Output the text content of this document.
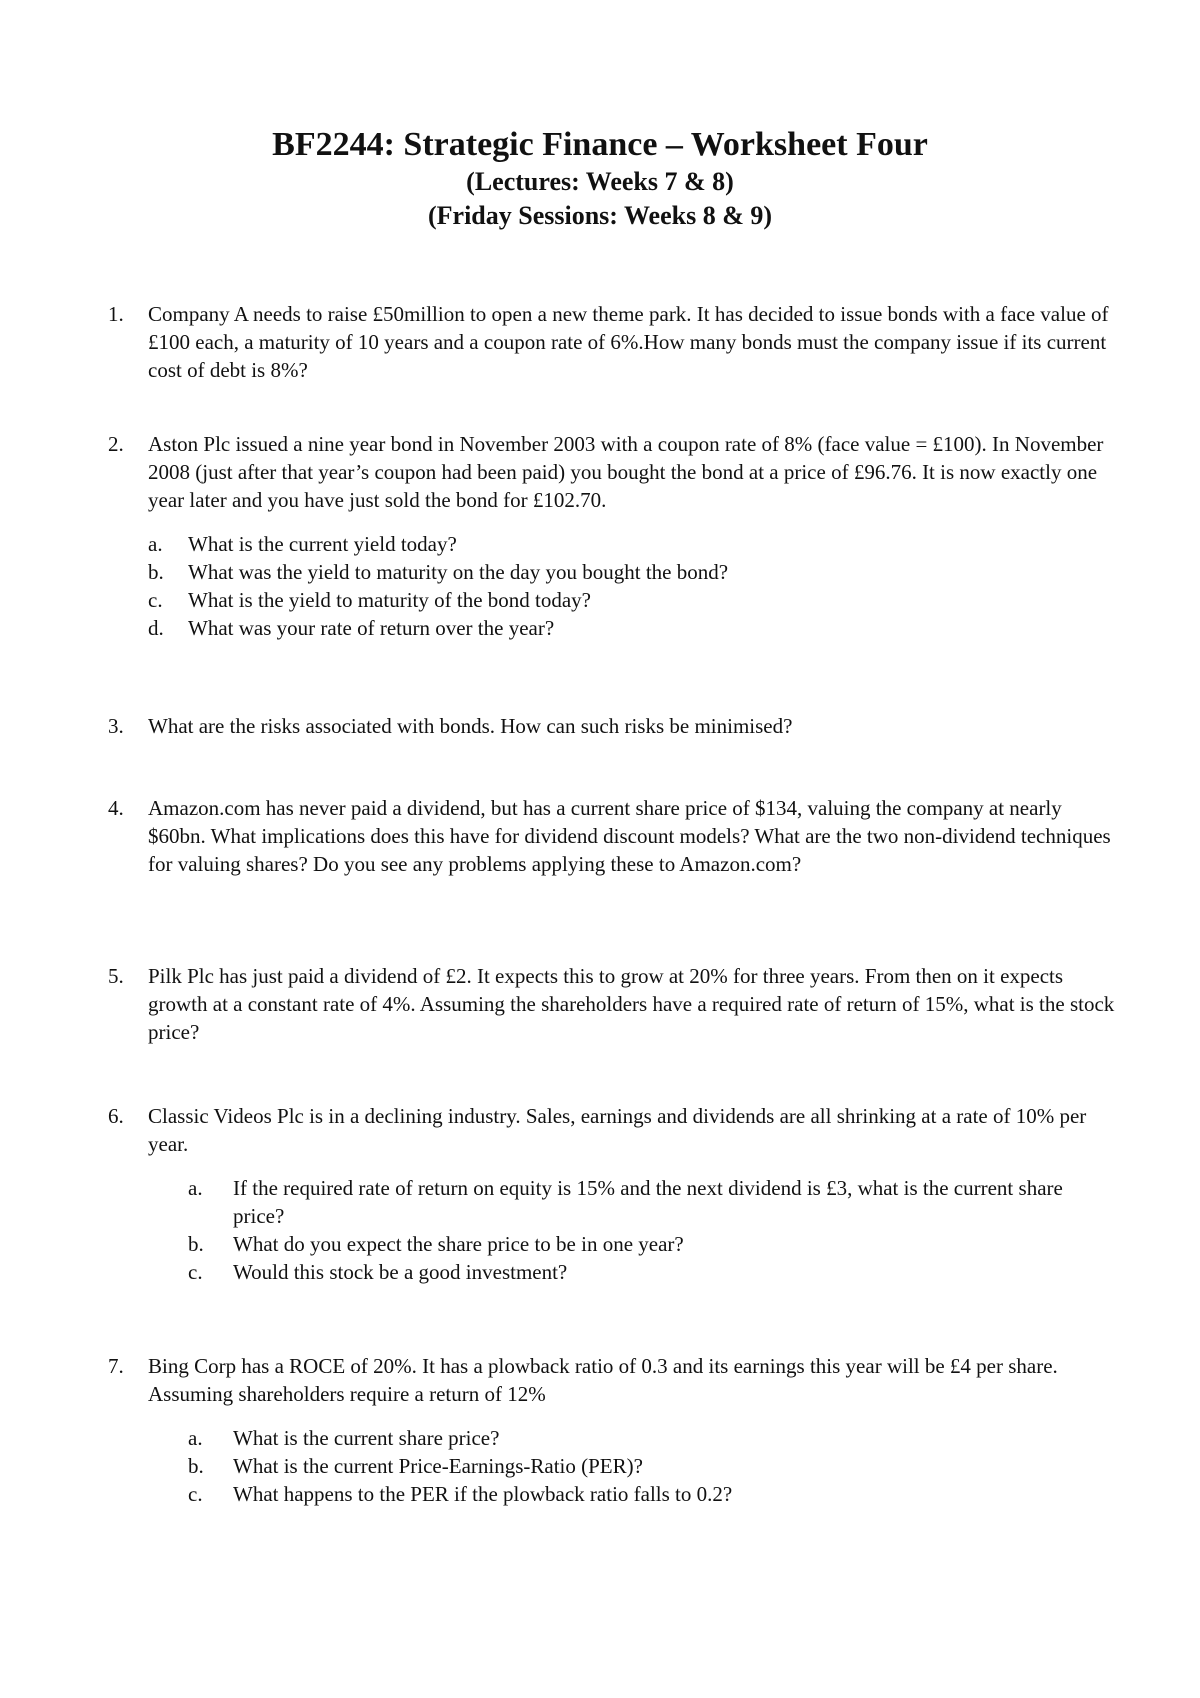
BF2244: Strategic Finance – Worksheet Four

(Lectures: Weeks 7 & 8)

(Friday Sessions: Weeks 8 & 9)

1.	Company A needs to raise £50million to open a new theme park. It has decided to issue bonds with a face value of £100 each, a maturity of 10 years and a coupon rate of 6%.How many bonds must the company issue if its current cost of debt is 8%?
2.	Aston Plc issued a nine year bond in November 2003 with a coupon rate of 8% (face value = £100). In November 2008 (just after that year’s coupon had been paid) you bought the bond at a price of £96.76. It is now exactly one year later and you have just sold the bond for £102.70.
a. What is the current yield today?
b. What was the yield to maturity on the day you bought the bond?
c. What is the yield to maturity of the bond today?
d. What was your rate of return over the year?
3.	What are the risks associated with bonds. How can such risks be minimised?
4.	Amazon.com has never paid a dividend, but has a current share price of $134, valuing the company at nearly $60bn. What implications does this have for dividend discount models? What are the two non-dividend techniques for valuing shares? Do you see any problems applying these to Amazon.com?
5.	Pilk Plc has just paid a dividend of £2. It expects this to grow at 20% for three years. From then on it expects growth at a constant rate of 4%. Assuming the shareholders have a required rate of return of 15%, what is the stock price?
6.	Classic Videos Plc is in a declining industry. Sales, earnings and dividends are all shrinking at a rate of 10% per year.
a. If the required rate of return on equity is 15% and the next dividend is £3, what is the current share price?
b. What do you expect the share price to be in one year?
c. Would this stock be a good investment?
7.	Bing Corp has a ROCE of 20%. It has a plowback ratio of 0.3 and its earnings this year will be £4 per share. Assuming shareholders require a return of 12%
a. What is the current share price?
b. What is the current Price-Earnings-Ratio (PER)?
c. What happens to the PER if the plowback ratio falls to 0.2?
